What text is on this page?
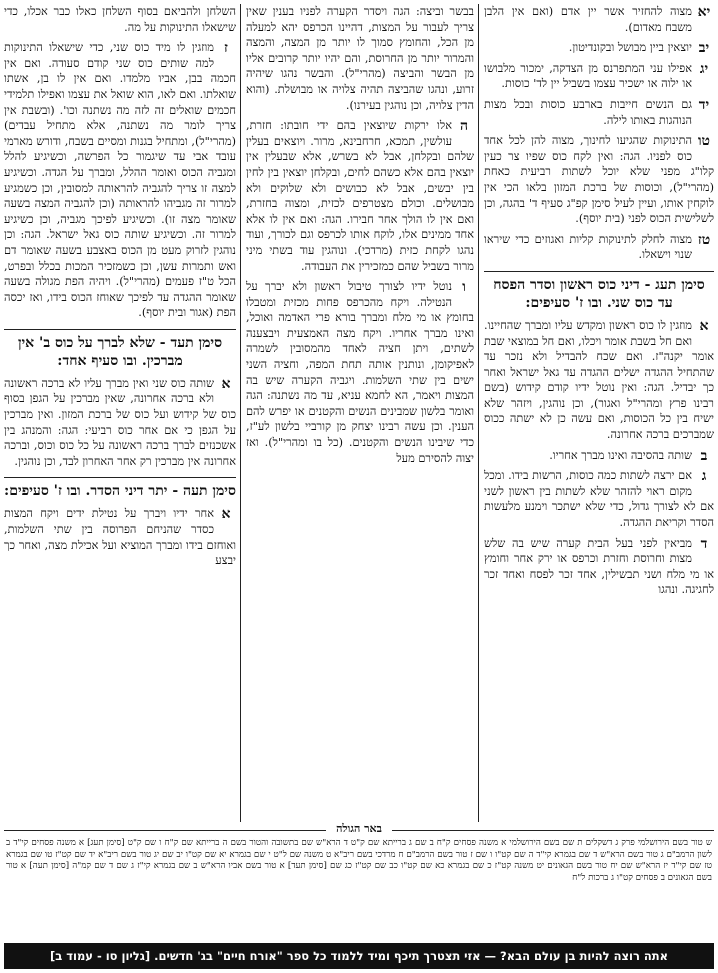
יא
מצוה להחזיר אשר יין אדם (ואם אין הלבן משבח מאדום).
יב
יוצאין ביין מבושל ובקונדיטון.
יג
אפילו עני המתפרנס מן הצדקה, ימכור מלבושו או ילוה או ישכיר עצמו בשביל יין לד' כוסות.
יד
גם הנשים חייבות בארבע כוסות ובכל מצות הנוהגות באותו לילה.
טו
התינוקות שהגיעו לחינוך, מצוה להן לכל אחד כוס לפניו. הגה: ואין לקח כוס שפיו צר כעין קלו"ג מפני שלא יוכל לשתות רביעית כאחת (מהרי"ל), וכוסות של ברכת המזון בלאו הכי אין לוקחין אותו, ועיין לעיל סימן קפ"ג סעיף ד' בהגה, וכן לשלישית הכוס לפני (בית יוסף).
טז
מצוה לחלק לתינוקות קליות ואגוזים כדי שיראו שנוי וישאלו.
סימן תעג - דיני כוס ראשון וסדר הפסח עד כוס שני. ובו ז' סעיפים:
א
מוזגין לו כוס ראשון ומקדש עליו ומברך שהחיינו. ואם חל בשבת אומר ויכלו, ואם חל במוצאי שבת אומר יקנה"ז. ואם שכח להבדיל ולא נזכר עד שהתחיל ההגדה ישלים ההגדה עד גאל ישראל ואחר כך יבדיל. הגה: ואין נוטל ידיו קודם קידוש (בשם רבינו פרץ ומהרי"ל ואגור), וכן נוהגין, ויזהר שלא ישיח בין כל הכוסות, ואם עשה כן לא ישתה ככוס שמברכים ברכה אחרונה.
ב
שותה בהסיבה ואינו מברך אחריו.
ג
אם ירצה לשתות כמה כוסות, הרשות בידו. ומכל מקום ראוי להזהר שלא לשתות בין ראשון לשני אם לא לצורך גדול, כדי שלא ישתכר וימנע מלעשות הסדר וקריאת ההגדה.
ד
מביאין לפני בעל הבית קערה שיש בה שלש מצות וחרוסת וחזרת וכרפס או ירק אחר וחומץ או מי מלח ושני תבשילין, אחד זכר לפסח ואחד זכר לחגיגה. ונהגו
בבשר וביצה: הגה ויסדר הקערה לפניו בענין שאין צריך לעבור על המצות, דהיינו הכרפס יהא למעלה מן הכל, והחומץ סמוך לו יותר מן המצה, והמצה והמרור יותר מן החרוסת, והם יהיו יותר קרובים אליו מן הבשר והביצה (מהרי"ל). והבשר נהגו שיהיה זרוע, ונהגו שהביצה תהיה צלויה או מבושלת. (והוא הדין צלויה, וכן נוהגין בעירנו).
ה
אלו ירקות שיוצאין בהם ידי חובתו: חזרת, עולשין, תמכא, חרחבינא, מרור. ויוצאים בעלין שלהם ובקלחן, אבל לא בשרש, אלא שבעלין אין יוצאין בהם אלא כשהם לחים, ובקלחן יוצאין בין לחין בין יבשים, אבל לא כבושים ולא שלוקים ולא מבושלים. וכולם מצטרפים לכזית, ומצוה בחזרת, ואם אין לו הולך אחר חבירו. הגה: ואם אין לו אלא אחד ממינים אלו, לוקח אותו לכרפס וגם לכורך, ועוד נהגו לקחת כזית (מרדכי). ונוהגין עוד בשתי מיני מרור בשביל שהם כמזכירין את העבודה.
ו
נוטל ידיו לצורך טיבול ראשון ולא יברך על הנטילה. ויקח מהכרפס פחות מכזית ומטבלו בחומץ או מי מלח ומברך בורא פרי האדמה ואוכל, ואינו מברך אחריו. ויקח מצה האמצעית ויבצענה לשתים, ויתן חציה לאחד מהמסובין לשמרה לאפיקומן, ונותנין אותה תחת המפה, וחציה השני ישים בין שתי השלמות. ויגביה הקערה שיש בה המצות ויאמר, הא לחמא עניא, עד מה נשתנה: הגה ואומר בלשון שמבינים הנשים והקטנים או יפרש להם הענין. וכן עשה רבינו יצחק מן קורביי בלשון לע"ז, כדי שיבינו הנשים והקטנים. (כל בו ומהרי"ל). ואז יצוה להסירם מעל
השלחן ולהביאם בסוף השלחן כאלו כבר אכלו, כדי שישאלו התינוקות על מה.
ז
מוזגין לו מיד כוס שני, כדי שישאלו התינוקות למה שותים כוס שני קודם סעודה. ואם אין חכמה בבן, אביו מלמדו. ואם אין לו בן, אשתו שואלתו. ואם לאו, הוא שואל את עצמו ואפילו תלמידי חכמים שואלים זה לזה מה נשתנה וכו'. (ובשבת אין צריך לומר מה נשתנה, אלא מתחיל עבדים) (מהרי"ל), ומתחיל בגנות ומסיים בשבח, ודורש מארמי עובד אבי עד שיגמור כל הפרשה, וכשיגיע להלל ומגביה הכוס ואומר ההלל, ומברך על הגדה. וכשיגיע למצה זו צריך להגביה להראותה למסובין, וכן כשמגיע למרור זה מגביהו להראותה (וכן להגביה המצה בשעה שאומר מצה זו). וכשיגיע לפיכך מגביה, וכן כשיגיע למרור זה. וכשיגיע שותה כוס גאל ישראל. הגה: וכן נוהגין לזרוק מעט מן הכוס באצבע בשעה שאומר דם ואש ותמרות עשן, וכן כשמזכיר המכות בכלל ובפרט, הכל ט"ז פעמים (מהרי"ל). ויהיה הפת מגולה בשעה שאומר ההגדה עד לפיכך שאוחז הכוס בידו, ואז יכסה הפת (אגור ובית יוסף).
סימן תעד - שלא לברך על כוס ב' אין מברכין. ובו סעיף אחד:
א
שותה כוס שני ואין מברך עליו לא ברכה ראשונה ולא ברכה אחרונה, שאין מברכין על הגפן בסוף כוס של קידוש ועל כוס של ברכת המזון. ואין מברכין על הגפן כי אם אחר כוס רביעי: הגה: והמנהג בין אשכנזים לברך ברכה ראשונה על כל כוס וכוס, וברכה אחרונה אין מברכין רק אחר האחרון לבד, וכן נוהגין.
סימן תעה - יתר דיני הסדר. ובו ז' סעיפים:
א
אחר ידיו ויברך על נטילת ידים ויקח המצות כסדר שהניחם הפרוסה בין שתי השלמות, ואוחזם בידו ומברך המוציא ועל אכילת מצה, ואחר כך יבצע
באר הגולה
ש טור בשם הירושלמי פרק ג דשקלים ת שם בשם הירושלמי א משנה פסחים ק"ח ב שם ג ברייתא שם ק"ט ד הרא"ש שם בתשובה והטור בשם ה ברייתא שם ק"ח ו שם ק"ט [סימן תעג] א משנה פסחים קי"ד ב לשון הרמב"ם ג טור בשם הרא"ש ד שם בגמרא קי"ד ה שם קט"ו ו שם ז טור בשם הרמב"ם ח מרדכי בשם ריב"א ט משנה שם ל"ט י שם בגמרא יא שם קט"ו יב שם יג טור בשם ריב"א יד שם קט"ז טו שם בגמרא טז שם קי"ד יז הרא"ש שם יח טור בשם הגאונים יט משנה קט"ז כ שם בגמרא כא שם קט"ו כב שם קט"ז כג שם [סימן תעד] א טור בשם אביו הרא"ש ב שם בגמרא קי"ז ג שם ד שם קמ"ה [סימן תעה] א טור בשם הגאונים ב פסחים קט"ו ג ברכות ל"ח
אתה רוצה להיות בן עולם הבא? — אזי תצטרך תיכף ומיד ללמוד כל ספר "אורח חיים" בג' חדשים. [גליון סו - עמוד ב]
